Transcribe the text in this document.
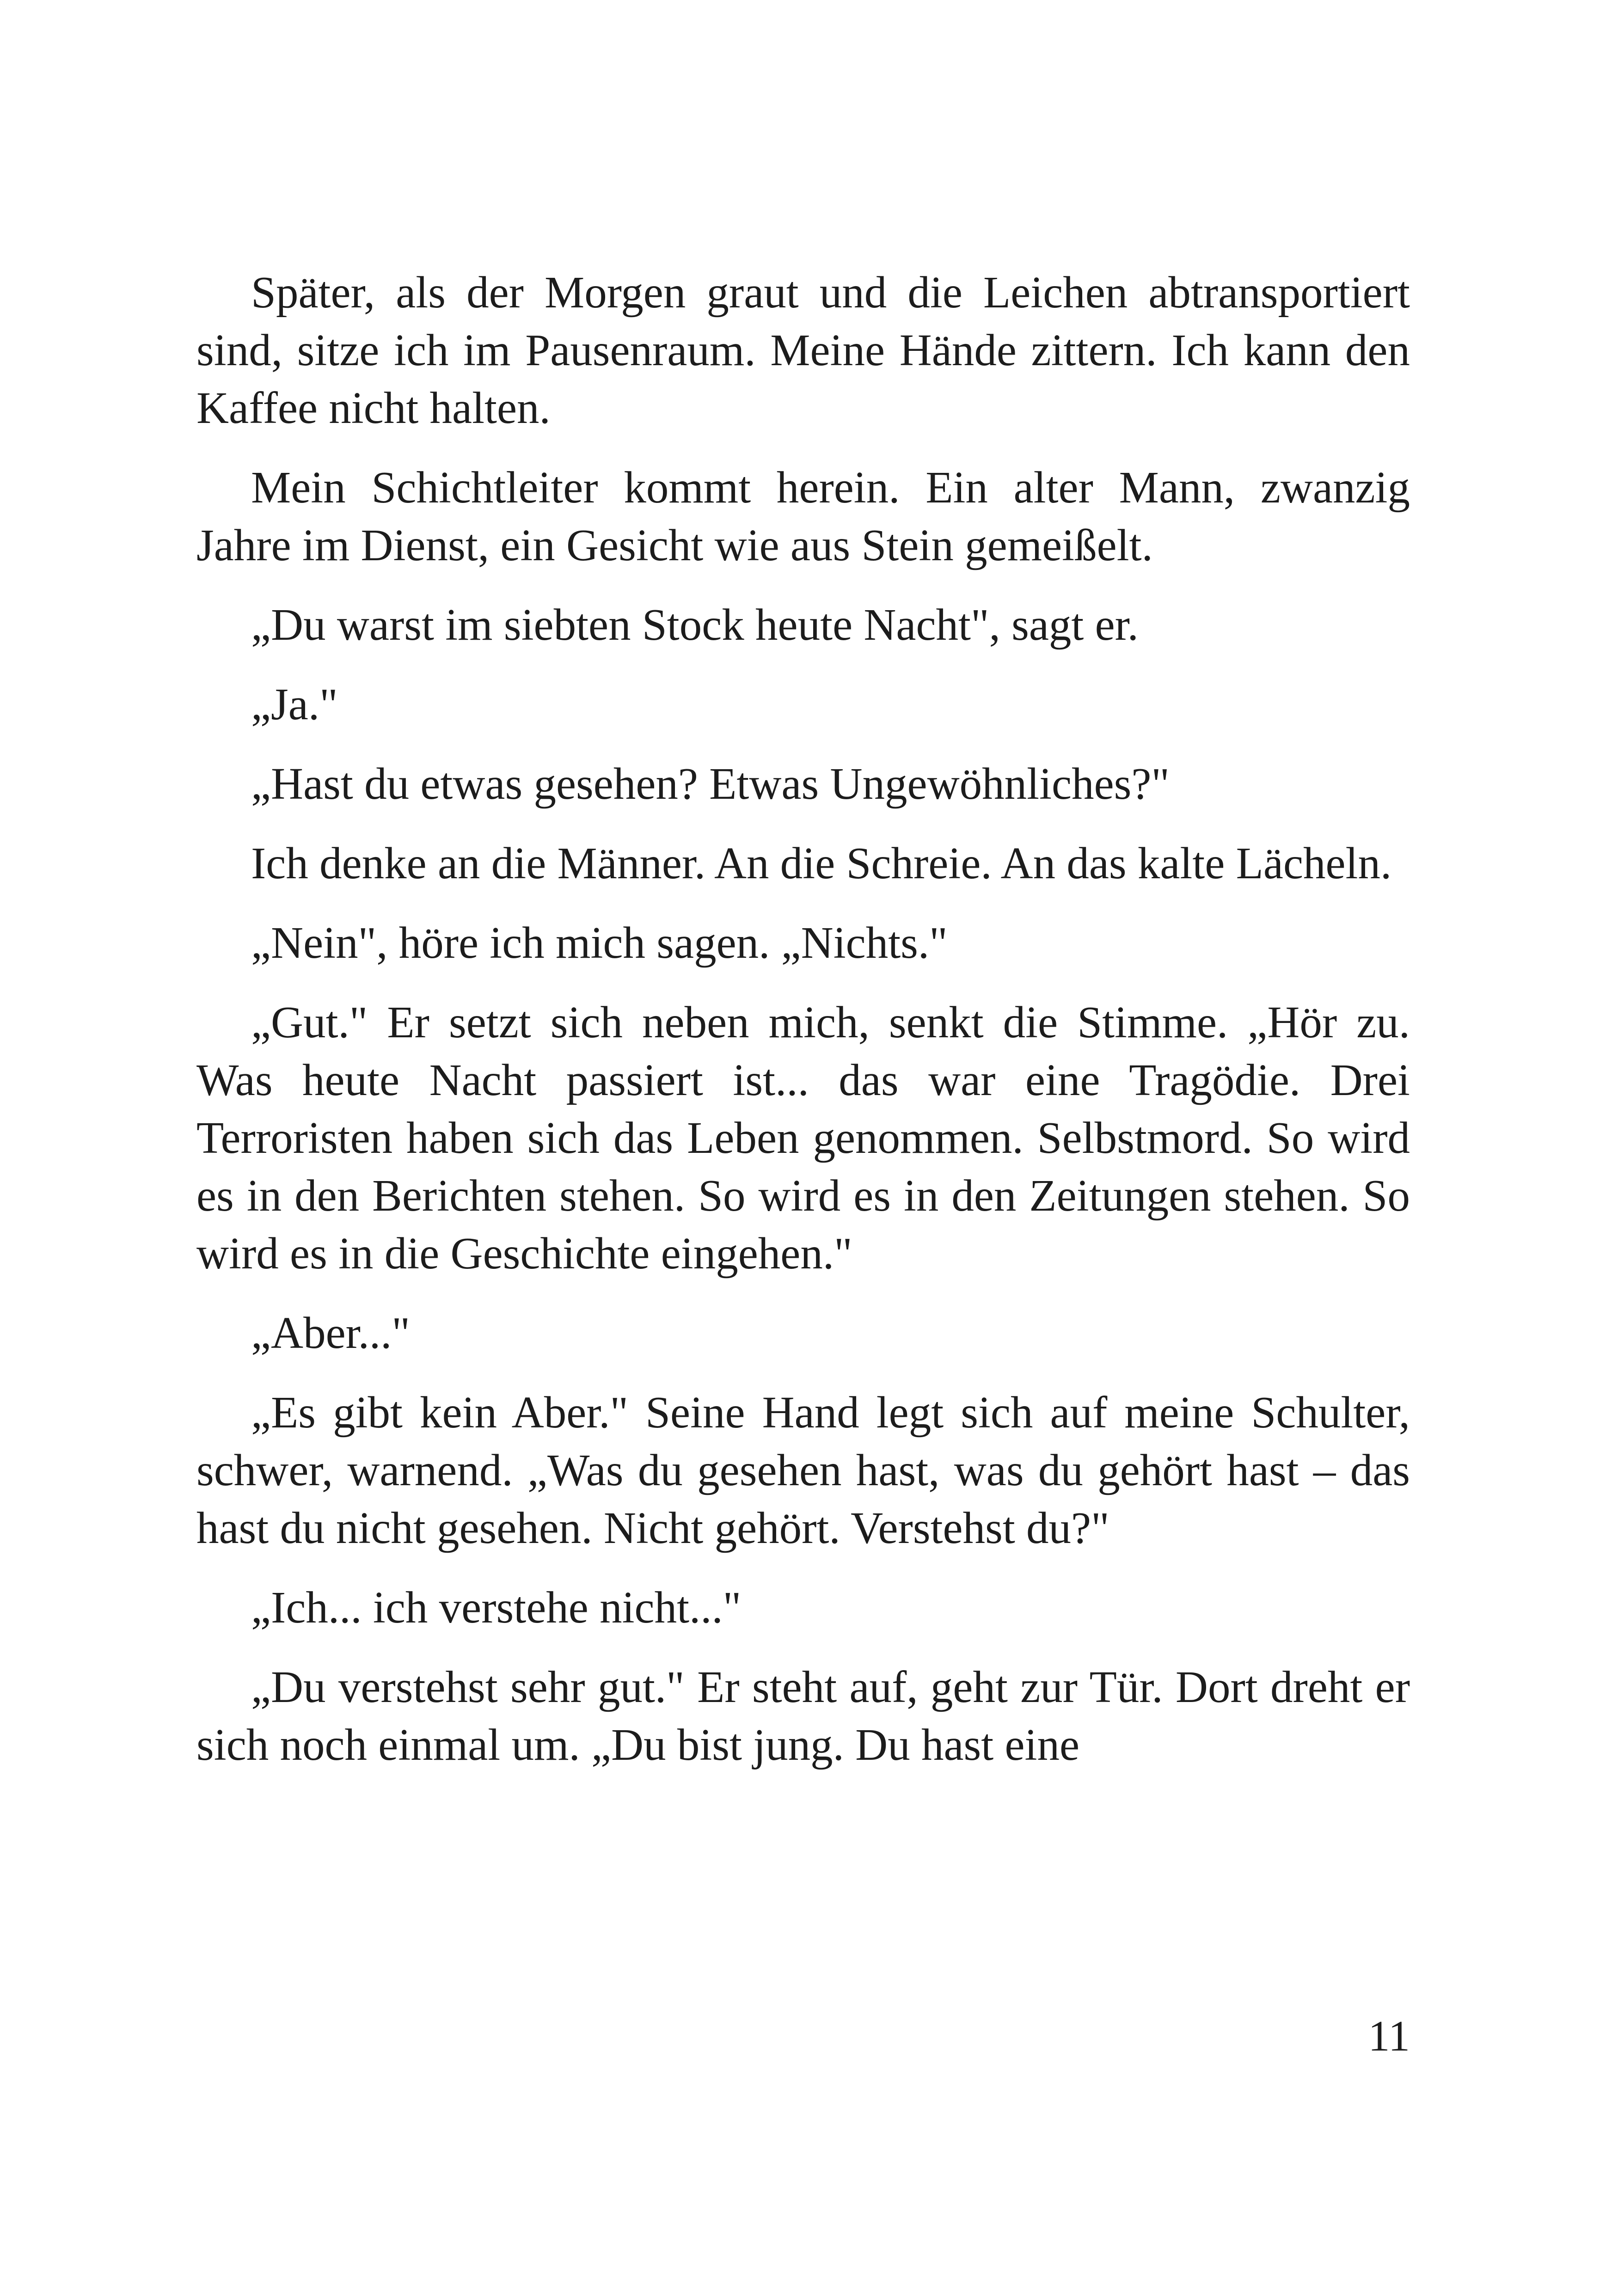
Später, als der Morgen graut und die Leichen abtransportiert sind, sitze ich im Pausenraum. Meine Hände zittern. Ich kann den Kaffee nicht halten.

Mein Schichtleiter kommt herein. Ein alter Mann, zwanzig Jahre im Dienst, ein Gesicht wie aus Stein gemeißelt.

„Du warst im siebten Stock heute Nacht", sagt er.

„Ja."

„Hast du etwas gesehen? Etwas Ungewöhnliches?"

Ich denke an die Männer. An die Schreie. An das kalte Lächeln.

„Nein", höre ich mich sagen. „Nichts."

„Gut." Er setzt sich neben mich, senkt die Stimme. „Hör zu. Was heute Nacht passiert ist... das war eine Tragödie. Drei Terroristen haben sich das Leben genommen. Selbstmord. So wird es in den Berichten stehen. So wird es in den Zeitungen stehen. So wird es in die Geschichte eingehen."

„Aber..."

„Es gibt kein Aber." Seine Hand legt sich auf meine Schulter, schwer, warnend. „Was du gesehen hast, was du gehört hast – das hast du nicht gesehen. Nicht gehört. Verstehst du?"

„Ich... ich verstehe nicht..."

„Du verstehst sehr gut." Er steht auf, geht zur Tür. Dort dreht er sich noch einmal um. „Du bist jung. Du hast eine

11
